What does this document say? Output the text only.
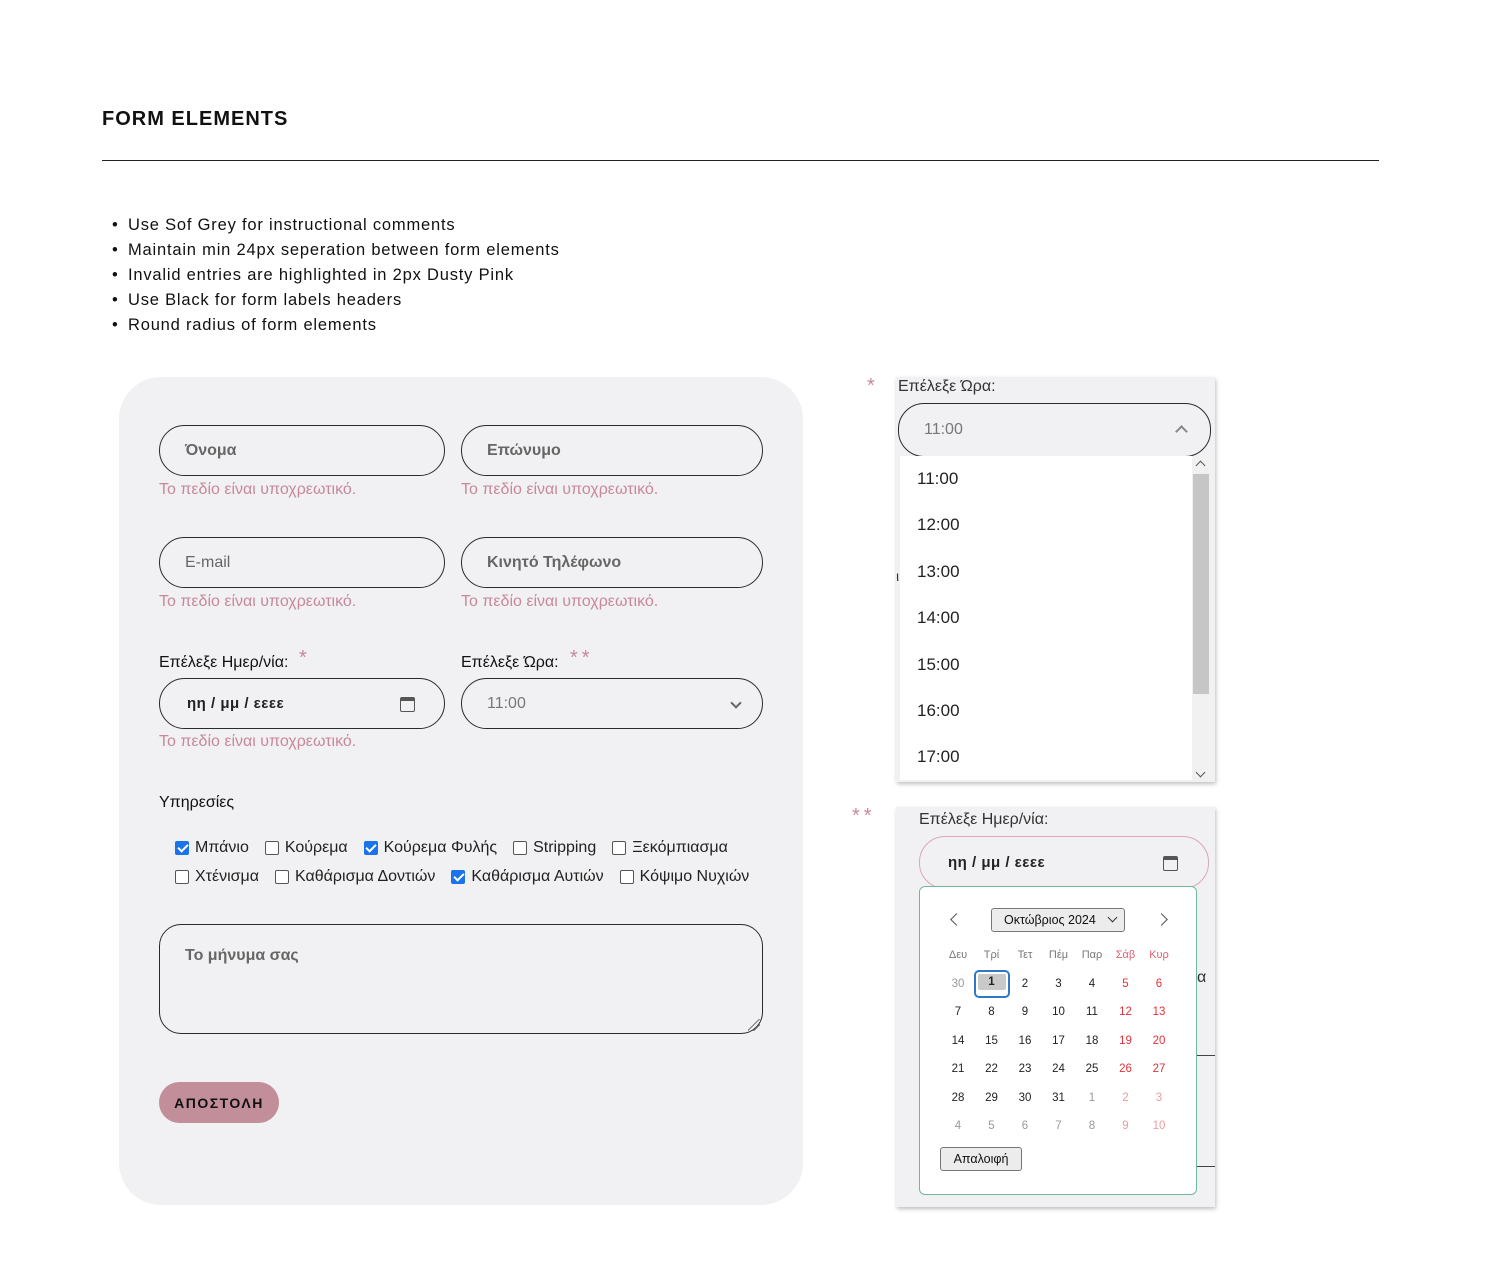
FORM ELEMENTS
• Use Sof Grey for instructional comments
• Maintain min 24px seperation between form elements
• Invalid entries are highlighted in 2px Dusty Pink
• Use Black for form labels headers
• Round radius of form elements
Όνομα	Επώνυμο
Το πεδίο είναι υποχρεωτικό.	Το πεδίο είναι υποχρεωτικό.
E-mail	Κινητό Τηλέφωνο
Το πεδίο είναι υποχρεωτικό.	Το πεδίο είναι υποχρεωτικό.
Επέλεξε Ημερ/νία: *	Επέλεξε Ώρα: **
ηη / μμ / εεεε	11:00
Το πεδίο είναι υποχρεωτικό.
Υπηρεσίες
Μπάνιο Κούρεμα Κούρεμα Φυλής Stripping Ξεκόμπιασμα
Χτένισμα Καθάρισμα Δοντιών Καθάρισμα Αυτιών Κόψιμο Νυχιών
Το μήνυμα σας
ΑΠΟΣΤΟΛΗ
ι
* Επέλεξε Ώρα:
11:00
11:00
12:00
13:00
14:00
15:00
16:00
17:00
α
**	Επέλεξε Ημερ/νία:
ηη / μμ / εεεε
Οκτώβριος 2024
Δευ	Τρί	Τετ	Πέμ	Παρ	Σάβ	Κυρ
30	1	2	3	4	5	6
7	8	9	10	11	12	13
14	15	16	17	18	19	20
21	22	23	24	25	26	27
28	29	30	31	1	2	3
4	5	6	7	8	9	10
Απαλοιφή
